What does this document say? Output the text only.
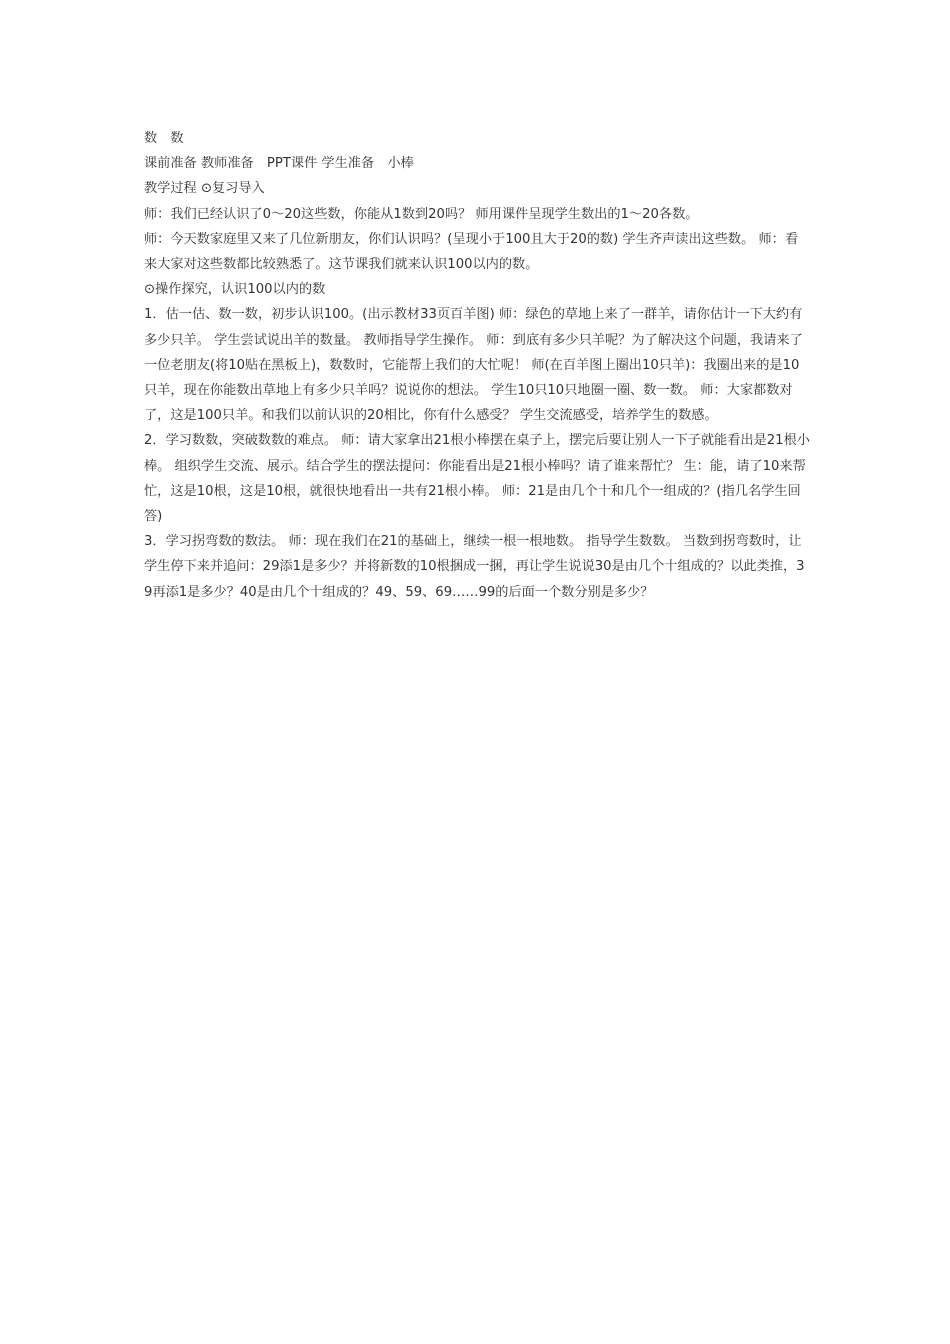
数　数

课前准备 教师准备　PPT课件 学生准备　小棒

教学过程 ⊙复习导入

师：我们已经认识了0～20这些数，你能从1数到20吗？ 师用课件呈现学生数出的1～20各数。

师：今天数家庭里又来了几位新朋友，你们认识吗？(呈现小于100且大于20的数) 学生齐声读出这些数。 师：看来大家对这些数都比较熟悉了。这节课我们就来认识100以内的数。

⊙操作探究，认识100以内的数

1．估一估、数一数，初步认识100。(出示教材33页百羊图) 师：绿色的草地上来了一群羊，请你估计一下大约有多少只羊。 学生尝试说出羊的数量。 教师指导学生操作。 师：到底有多少只羊呢？为了解决这个问题，我请来了一位老朋友(将10贴在黑板上)，数数时，它能帮上我们的大忙呢！ 师(在百羊图上圈出10只羊)：我圈出来的是10只羊，现在你能数出草地上有多少只羊吗？说说你的想法。 学生10只10只地圈一圈、数一数。 师：大家都数对了，这是100只羊。和我们以前认识的20相比，你有什么感受？ 学生交流感受，培养学生的数感。

2．学习数数，突破数数的难点。 师：请大家拿出21根小棒摆在桌子上，摆完后要让别人一下子就能看出是21根小棒。 组织学生交流、展示。结合学生的摆法提问：你能看出是21根小棒吗？请了谁来帮忙？ 生：能，请了10来帮忙，这是10根，这是10根，就很快地看出一共有21根小棒。 师：21是由几个十和几个一组成的？(指几名学生回答)

3．学习拐弯数的数法。 师：现在我们在21的基础上，继续一根一根地数。 指导学生数数。 当数到拐弯数时，让学生停下来并追问：29添1是多少？并将新数的10根捆成一捆，再让学生说说30是由几个十组成的？以此类推，39再添1是多少？40是由几个十组成的？49、59、69……99的后面一个数分别是多少？
